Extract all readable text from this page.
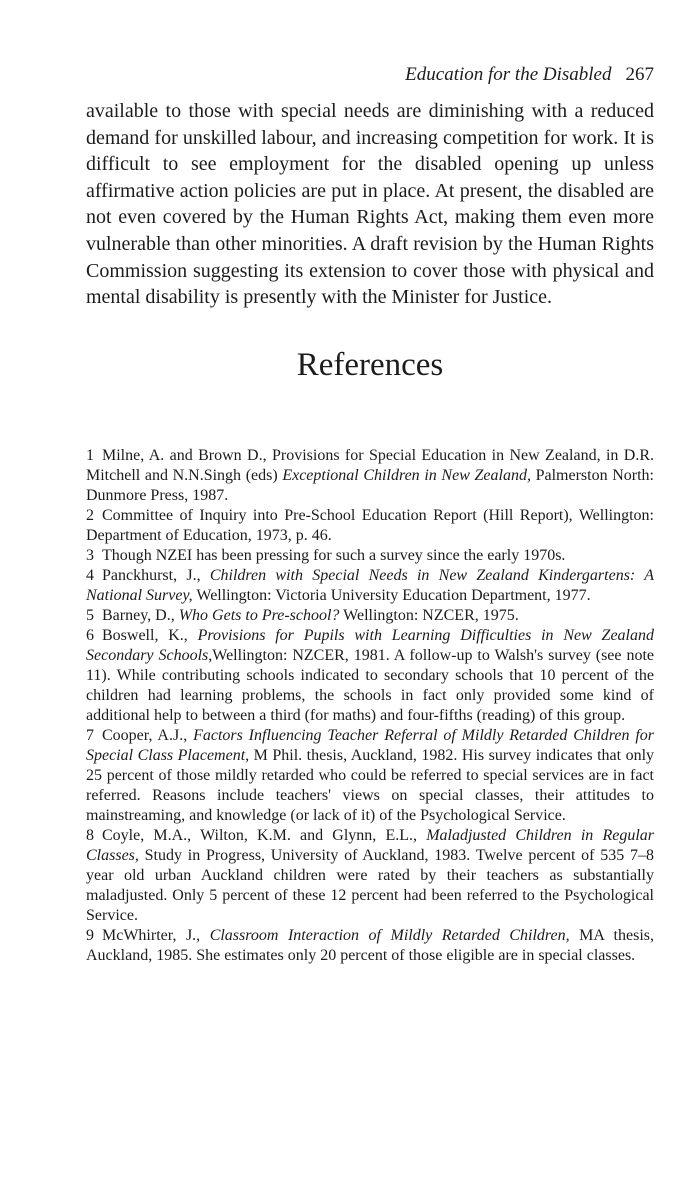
Education for the Disabled 267

available to those with special needs are diminishing with a reduced demand for unskilled labour, and increasing competition for work. It is difficult to see employment for the disabled opening up unless affirmative action policies are put in place. At present, the disabled are not even covered by the Human Rights Act, making them even more vulnerable than other minorities. A draft revision by the Human Rights Commission suggesting its extension to cover those with physical and mental disability is presently with the Minister for Justice.

References

1 Milne, A. and Brown D., Provisions for Special Education in New Zealand, in D.R. Mitchell and N.N.Singh (eds) Exceptional Children in New Zealand, Palmerston North: Dunmore Press, 1987.

2 Committee of Inquiry into Pre-School Education Report (Hill Report), Wellington: Department of Education, 1973, p. 46.

3 Though NZEI has been pressing for such a survey since the early 1970s.

4 Panckhurst, J., Children with Special Needs in New Zealand Kindergartens: A National Survey, Wellington: Victoria University Education Department, 1977.

5 Barney, D., Who Gets to Pre-school? Wellington: NZCER, 1975.

6 Boswell, K., Provisions for Pupils with Learning Difficulties in New Zealand Secondary Schools,Wellington: NZCER, 1981. A follow-up to Walsh's survey (see note 11). While contributing schools indicated to secondary schools that 10 percent of the children had learning problems, the schools in fact only provided some kind of additional help to between a third (for maths) and four-fifths (reading) of this group.

7 Cooper, A.J., Factors Influencing Teacher Referral of Mildly Retarded Children for Special Class Placement, M Phil. thesis, Auckland, 1982. His survey indicates that only 25 percent of those mildly retarded who could be referred to special services are in fact referred. Reasons include teachers' views on special classes, their attitudes to mainstreaming, and knowledge (or lack of it) of the Psychological Service.

8 Coyle, M.A., Wilton, K.M. and Glynn, E.L., Maladjusted Children in Regular Classes, Study in Progress, University of Auckland, 1983. Twelve percent of 535 7–8 year old urban Auckland children were rated by their teachers as substantially maladjusted. Only 5 percent of these 12 percent had been referred to the Psychological Service.

9 McWhirter, J., Classroom Interaction of Mildly Retarded Children, MA thesis, Auckland, 1985. She estimates only 20 percent of those eligible are in special classes.
